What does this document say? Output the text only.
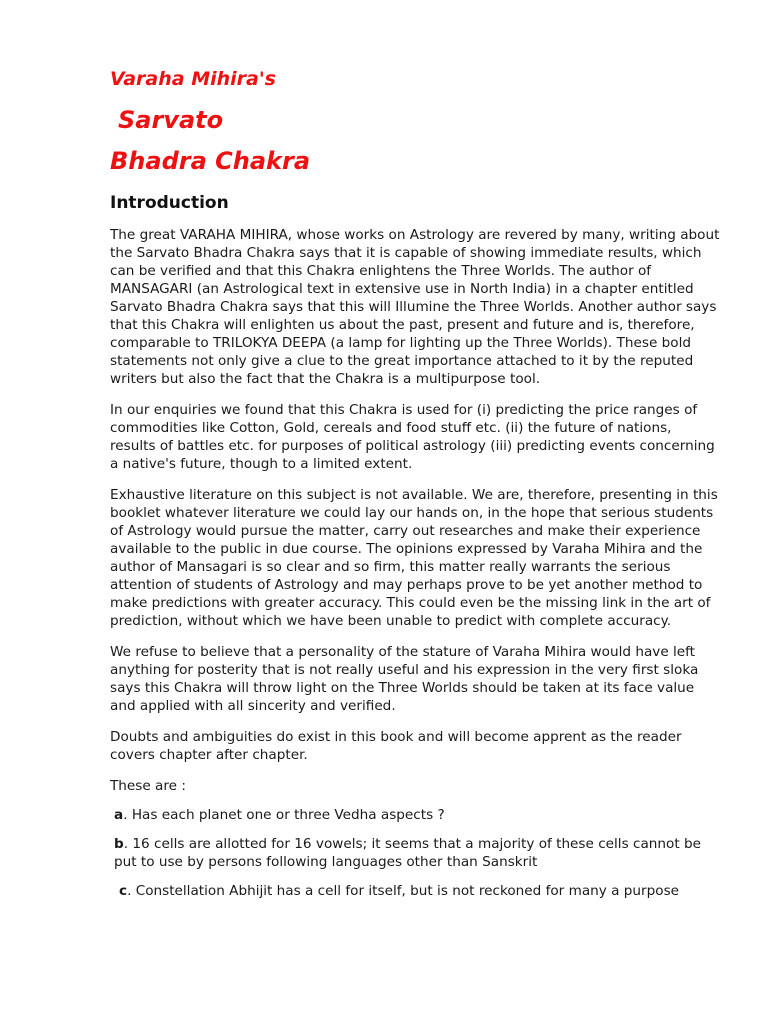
Varaha Mihira's

Sarvato

Bhadra Chakra

Introduction

The great VARAHA MIHIRA, whose works on Astrology are revered by many, writing about the Sarvato Bhadra Chakra says that it is capable of showing immediate results, which can be verified and that this Chakra enlightens the Three Worlds. The author of MANSAGARI (an Astrological text in extensive use in North India) in a chapter entitled Sarvato Bhadra Chakra says that this will Illumine the Three Worlds. Another author says that this Chakra will enlighten us about the past, present and future and is, therefore, comparable to TRILOKYA DEEPA (a lamp for lighting up the Three Worlds). These bold statements not only give a clue to the great importance attached to it by the reputed writers but also the fact that the Chakra is a multipurpose tool.

In our enquiries we found that this Chakra is used for (i) predicting the price ranges of commodities like Cotton, Gold, cereals and food stuff etc. (ii) the future of nations, results of battles etc. for purposes of political astrology (iii) predicting events concerning a native's future, though to a limited extent.

Exhaustive literature on this subject is not available. We are, therefore, presenting in this booklet whatever literature we could lay our hands on, in the hope that serious students of Astrology would pursue the matter, carry out researches and make their experience available to the public in due course. The opinions expressed by Varaha Mihira and the author of Mansagari is so clear and so firm, this matter really warrants the serious attention of students of Astrology and may perhaps prove to be yet another method to make predictions with greater accuracy. This could even be the missing link in the art of prediction, without which we have been unable to predict with complete accuracy.

We refuse to believe that a personality of the stature of Varaha Mihira would have left anything for posterity that is not really useful and his expression in the very first sloka says this Chakra will throw light on the Three Worlds should be taken at its face value and applied with all sincerity and verified.

Doubts and ambiguities do exist in this book and will become apprent as the reader covers chapter after chapter.

These are :

a. Has each planet one or three Vedha aspects ?

b. 16 cells are allotted for 16 vowels; it seems that a majority of these cells cannot be put to use by persons following languages other than Sanskrit

c. Constellation Abhijit has a cell for itself, but is not reckoned for many a purpose
